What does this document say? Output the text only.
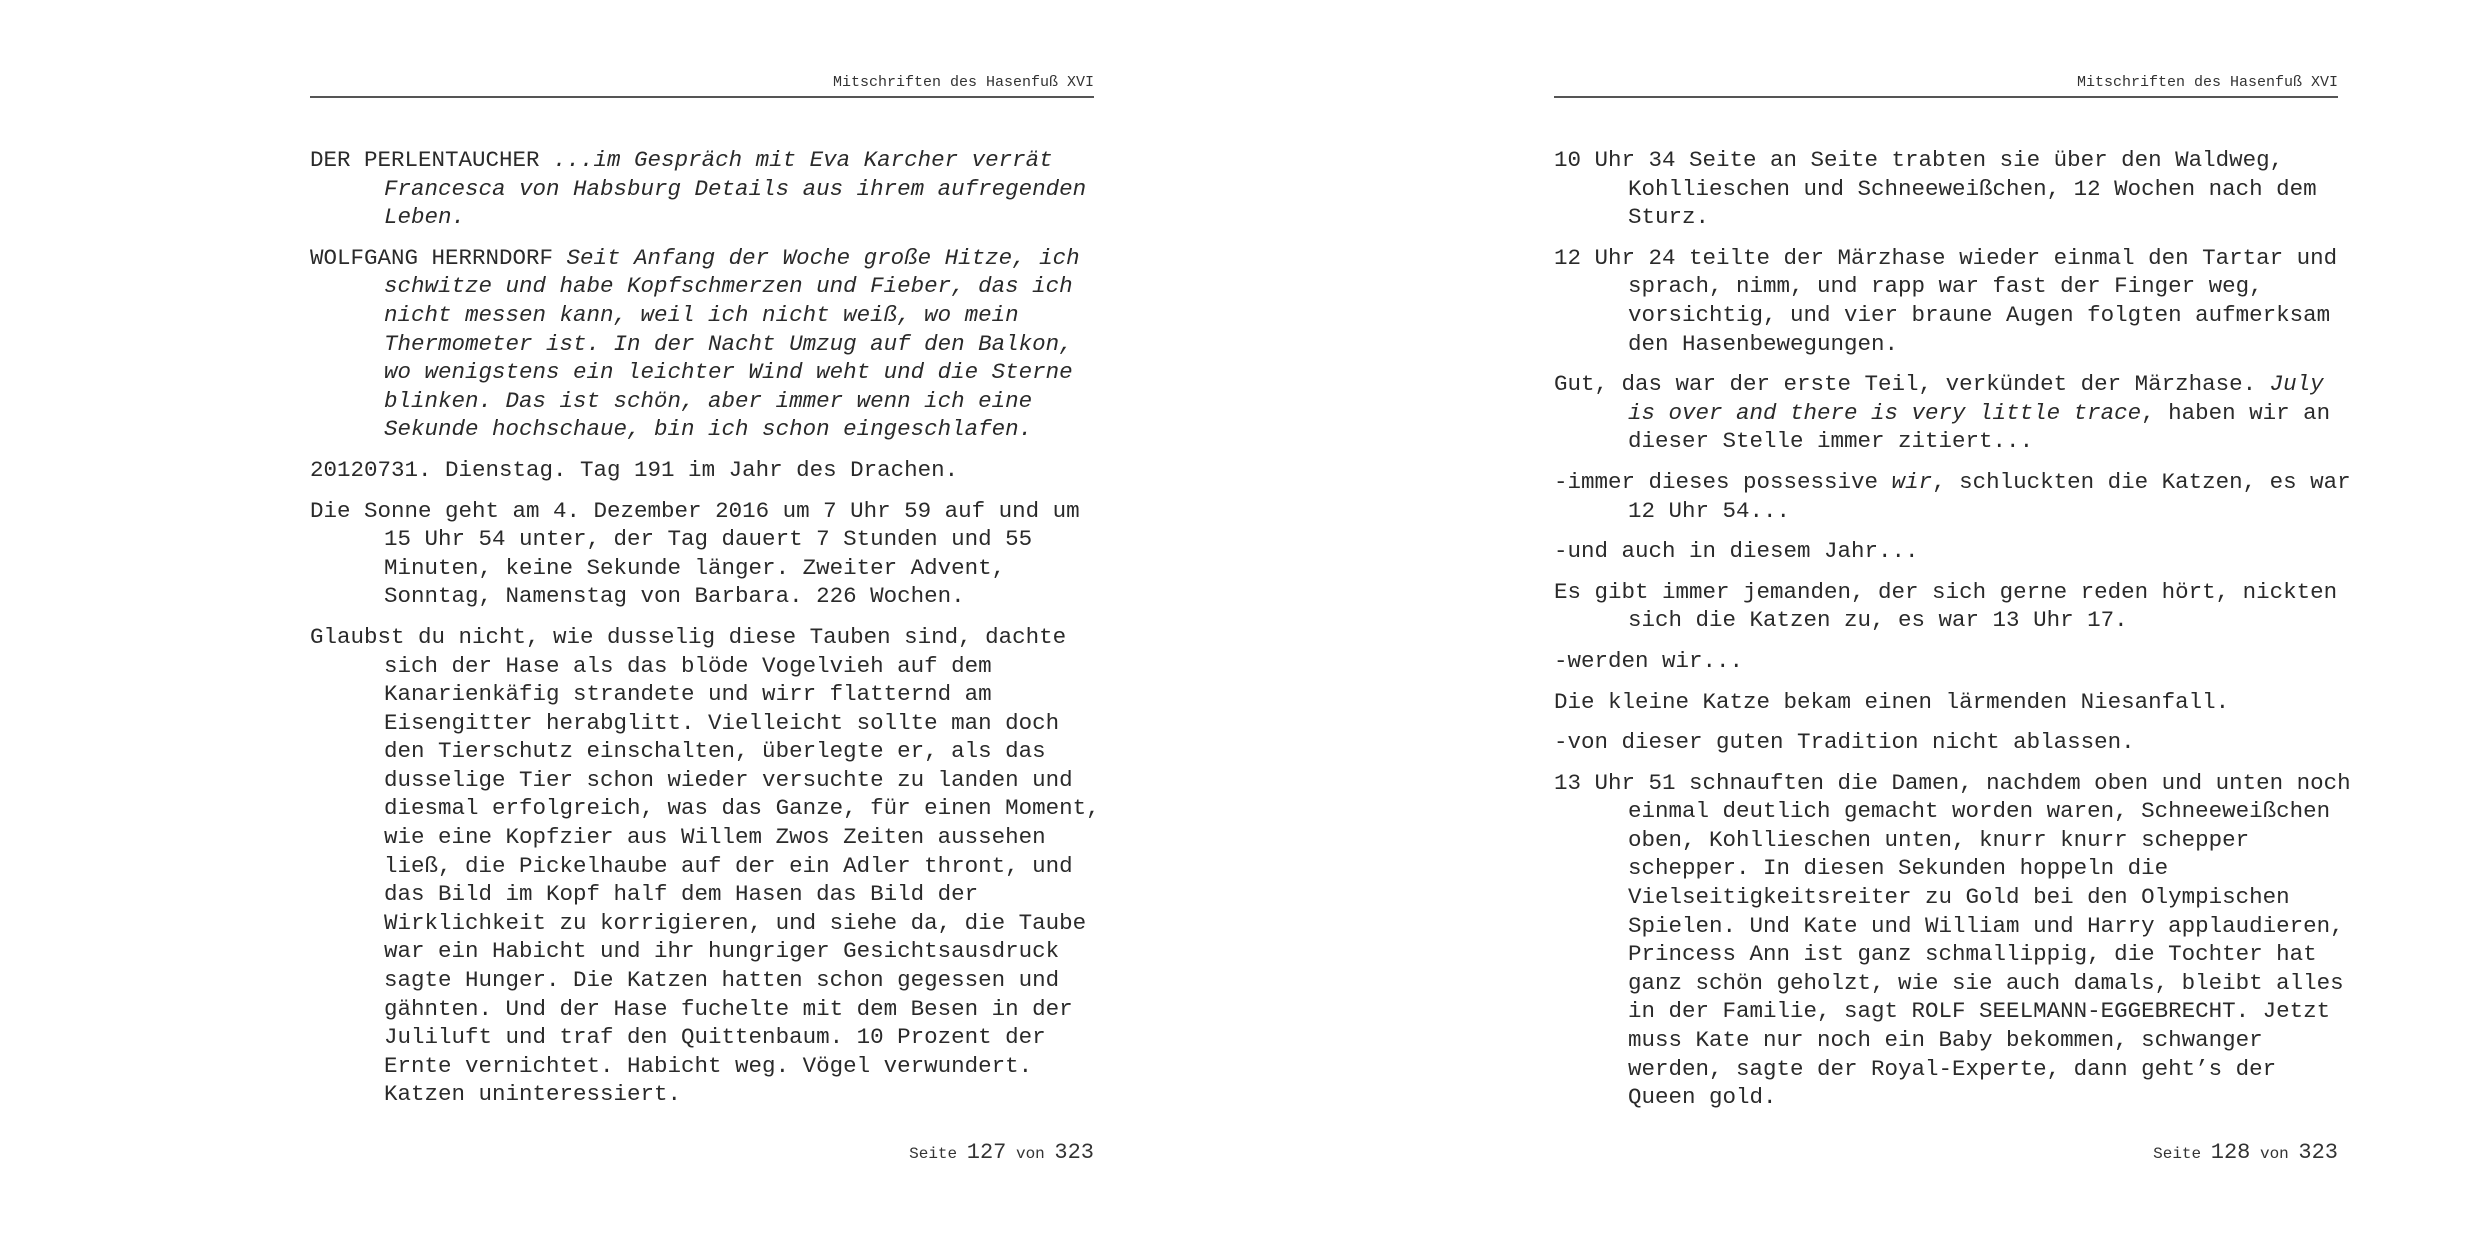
Mitschriften des Hasenfuß XVI

DER PERLENTAUCHER ...im Gespräch mit Eva Karcher verrät Francesca von Habsburg Details aus ihrem aufregenden Leben.

WOLFGANG HERRNDORF Seit Anfang der Woche große Hitze, ich schwitze und habe Kopfschmerzen und Fieber, das ich nicht messen kann, weil ich nicht weiß, wo mein Thermometer ist. In der Nacht Umzug auf den Balkon, wo wenigstens ein leichter Wind weht und die Sterne blinken. Das ist schön, aber immer wenn ich eine Sekunde hochschaue, bin ich schon eingeschlafen.

20120731. Dienstag. Tag 191 im Jahr des Drachen.

Die Sonne geht am 4. Dezember 2016 um 7 Uhr 59 auf und um 15 Uhr 54 unter, der Tag dauert 7 Stunden und 55 Minuten, keine Sekunde länger. Zweiter Advent, Sonntag, Namenstag von Barbara. 226 Wochen.

Glaubst du nicht, wie dusselig diese Tauben sind, dachte sich der Hase als das blöde Vogelvieh auf dem Kanarienkäfig strandete und wirr flatternd am Eisengitter herabglitt. Vielleicht sollte man doch den Tierschutz einschalten, überlegte er, als das dusselige Tier schon wieder versuchte zu landen und diesmal erfolgreich, was das Ganze, für einen Moment, wie eine Kopfzier aus Willem Zwos Zeiten aussehen ließ, die Pickelhaube auf der ein Adler thront, und das Bild im Kopf half dem Hasen das Bild der Wirklichkeit zu korrigieren, und siehe da, die Taube war ein Habicht und ihr hungriger Gesichtsausdruck sagte Hunger. Die Katzen hatten schon gegessen und gähnten. Und der Hase fuchelte mit dem Besen in der Juliluft und traf den Quittenbaum. 10 Prozent der Ernte vernichtet. Habicht weg. Vögel verwundert. Katzen uninteressiert.

Seite 127 von 323
Mitschriften des Hasenfuß XVI

10 Uhr 34 Seite an Seite trabten sie über den Waldweg, Kohllieschen und Schneeweißchen, 12 Wochen nach dem Sturz.

12 Uhr 24 teilte der Märzhase wieder einmal den Tartar und sprach, nimm, und rapp war fast der Finger weg, vorsichtig, und vier braune Augen folgten aufmerksam den Hasenbewegungen.

Gut, das war der erste Teil, verkündet der Märzhase. July is over and there is very little trace, haben wir an dieser Stelle immer zitiert...

-immer dieses possessive wir, schluckten die Katzen, es war 12 Uhr 54...

-und auch in diesem Jahr...

Es gibt immer jemanden, der sich gerne reden hört, nickten sich die Katzen zu, es war 13 Uhr 17.

-werden wir...

Die kleine Katze bekam einen lärmenden Niesanfall.

-von dieser guten Tradition nicht ablassen.

13 Uhr 51 schnauften die Damen, nachdem oben und unten noch einmal deutlich gemacht worden waren, Schneeweißchen oben, Kohllieschen unten, knurr knurr schepper schepper. In diesen Sekunden hoppeln die Vielseitigkeitsreiter zu Gold bei den Olympischen Spielen. Und Kate und William und Harry applaudieren, Princess Ann ist ganz schmallippig, die Tochter hat ganz schön geholzt, wie sie auch damals, bleibt alles in der Familie, sagt ROLF SEELMANN-EGGEBRECHT. Jetzt muss Kate nur noch ein Baby bekommen, schwanger werden, sagte der Royal-Experte, dann geht’s der Queen gold.

Seite 128 von 323
